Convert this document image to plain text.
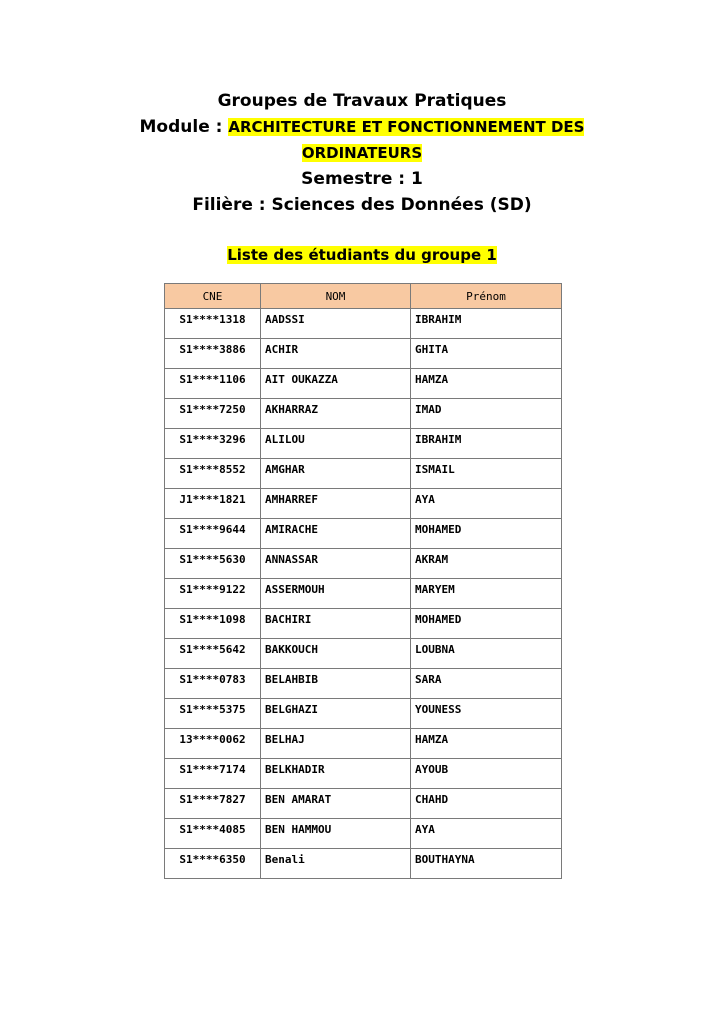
Groupes de Travaux Pratiques
Module : ARCHITECTURE ET FONCTIONNEMENT DES
ORDINATEURS
Semestre : 1
Filière : Sciences des Données (SD)
Liste des étudiants du groupe 1
CNE	NOM	Prénom
S1****1318	AADSSI	IBRAHIM
S1****3886	ACHIR	GHITA
S1****1106	AIT OUKAZZA	HAMZA
S1****7250	AKHARRAZ	IMAD
S1****3296	ALILOU	IBRAHIM
S1****8552	AMGHAR	ISMAIL
J1****1821	AMHARREF	AYA
S1****9644	AMIRACHE	MOHAMED
S1****5630	ANNASSAR	AKRAM
S1****9122	ASSERMOUH	MARYEM
S1****1098	BACHIRI	MOHAMED
S1****5642	BAKKOUCH	LOUBNA
S1****0783	BELAHBIB	SARA
S1****5375	BELGHAZI	YOUNESS
13****0062	BELHAJ	HAMZA
S1****7174	BELKHADIR	AYOUB
S1****7827	BEN AMARAT	CHAHD
S1****4085	BEN HAMMOU	AYA
S1****6350	Benali	BOUTHAYNA
